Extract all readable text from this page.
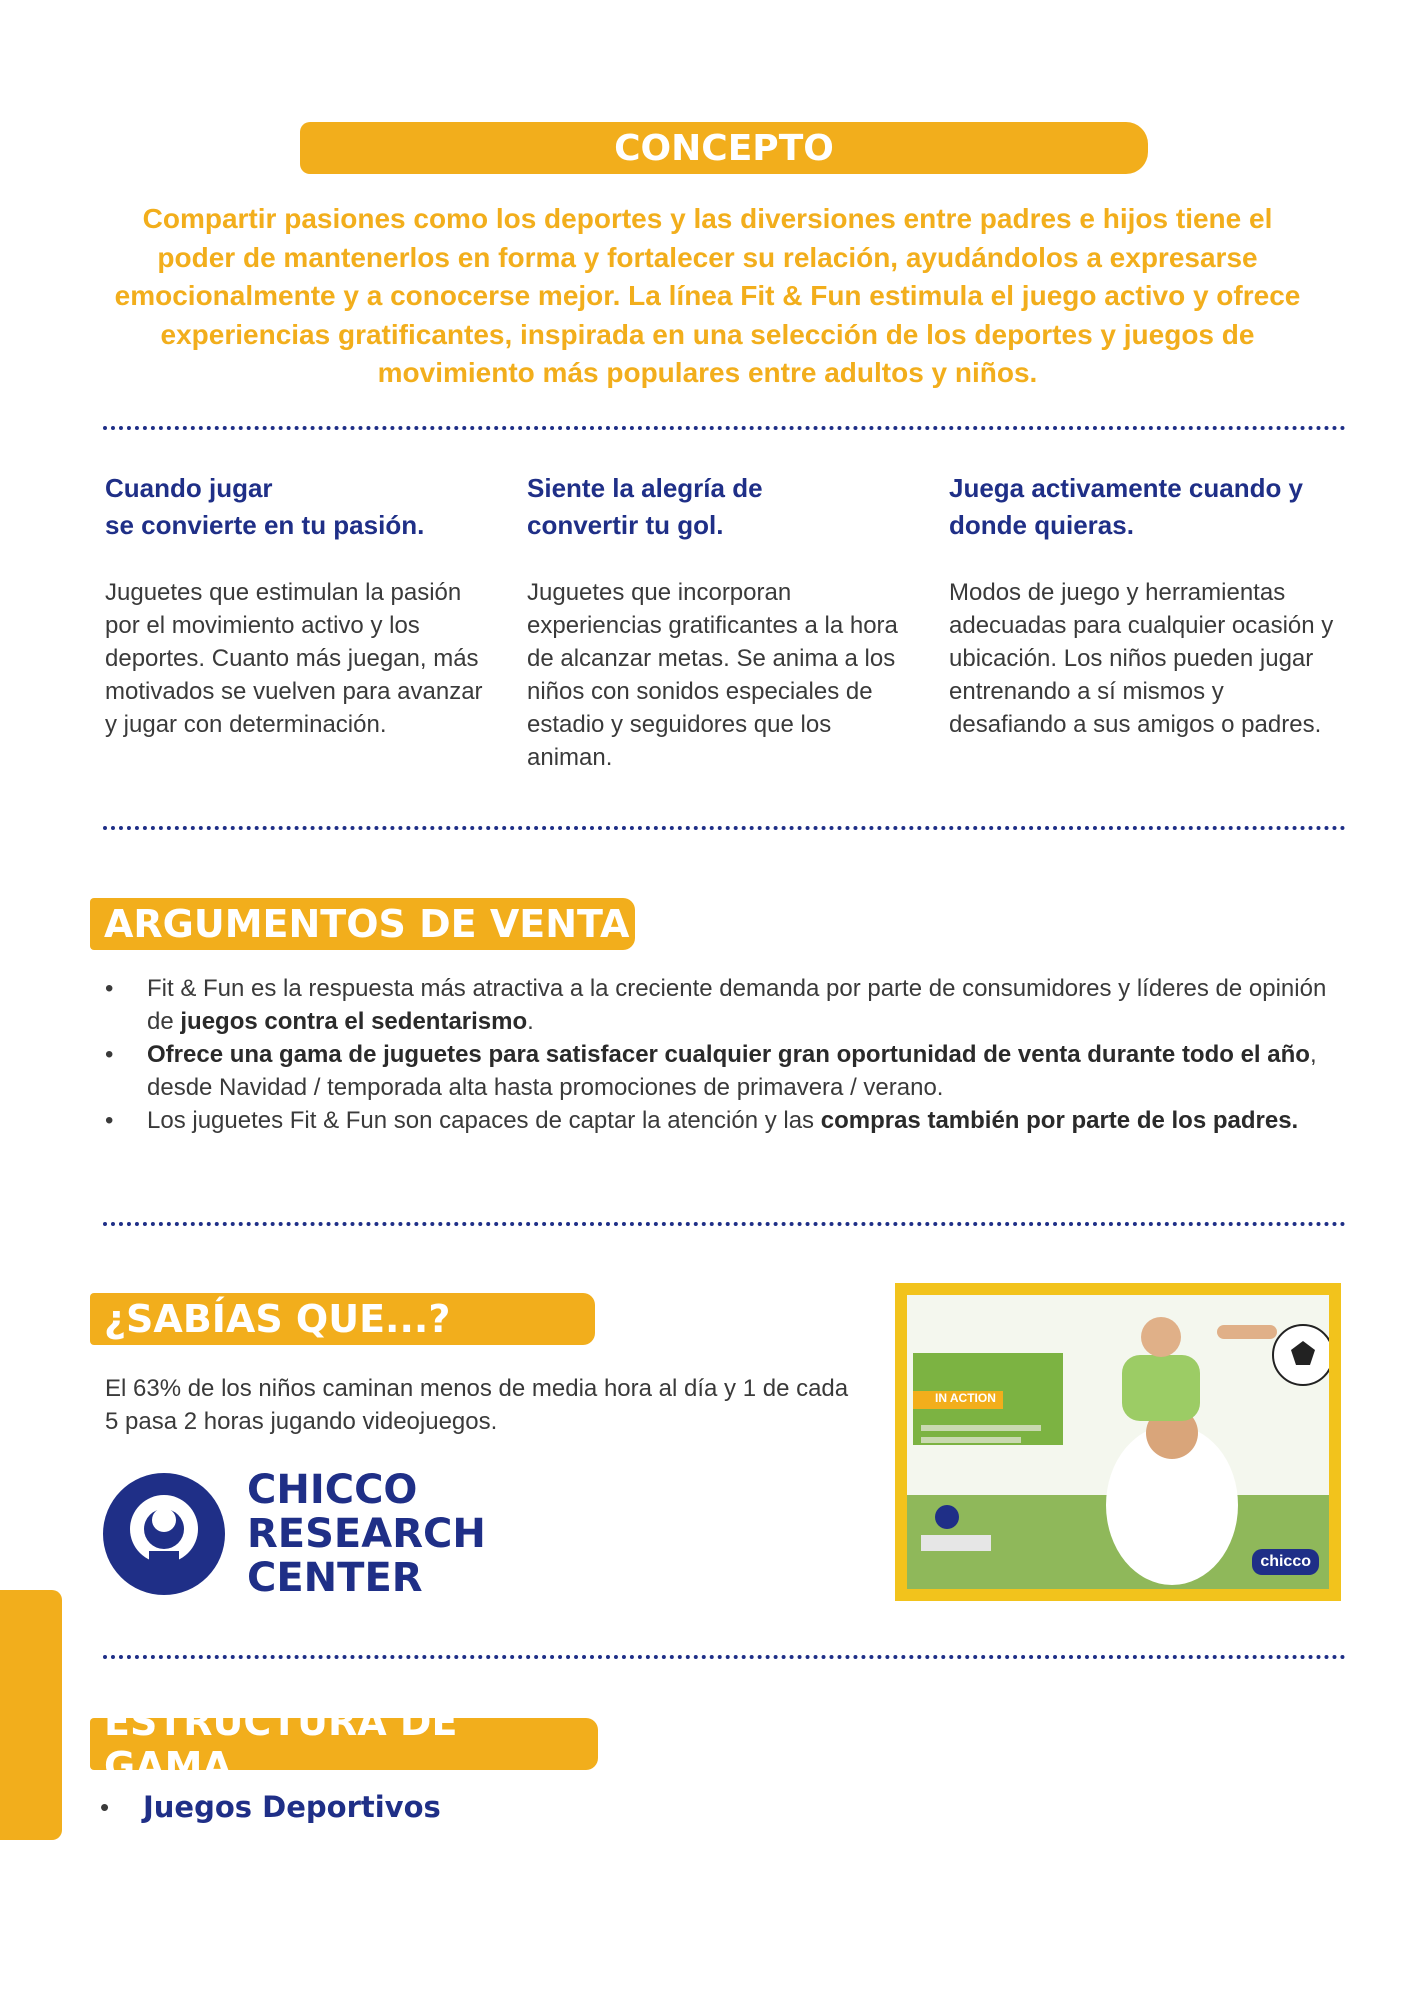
CONCEPTO

Compartir pasiones como los deportes y las diversiones entre padres e hijos tiene el poder de mantenerlos en forma y fortalecer su relación, ayudándolos a expresarse emocionalmente y a conocerse mejor. La línea Fit & Fun estimula el juego activo y ofrece experiencias gratificantes, inspirada en una selección de los deportes y juegos de movimiento más populares entre adultos y niños.

Cuando jugar
se convierte en tu pasión.

Juguetes que estimulan la pasión por el movimiento activo y los deportes. Cuanto más juegan, más motivados se vuelven para avanzar y jugar con determinación.

Siente la alegría de
convertir tu gol.

Juguetes que incorporan experiencias gratificantes a la hora de alcanzar metas. Se anima a los niños con sonidos especiales de estadio y seguidores que los animan.

Juega activamente cuando y
donde quieras.

Modos de juego y herramientas adecuadas para cualquier ocasión y ubicación. Los niños pueden jugar entrenando a sí mismos y desafiando a sus amigos o padres.

ARGUMENTOS DE VENTA
• Fit & Fun es la respuesta más atractiva a la creciente demanda por parte de consumidores y líderes de opinión de juegos contra el sedentarismo.
• Ofrece una gama de juguetes para satisfacer cualquier gran oportunidad de venta durante todo el año, desde Navidad / temporada alta hasta promociones de primavera / verano.
• Los juguetes Fit & Fun son capaces de captar la atención y las compras también por parte de los padres.
¿SABÍAS QUE...?

El 63% de los niños caminan menos de media hora al día y 1 de cada 5 pasa 2 horas jugando videojuegos.

CHICCO
RESEARCH
CENTER
IN ACTION
chicco
ESTRUCTURA DE GAMA
• Juegos Deportivos
